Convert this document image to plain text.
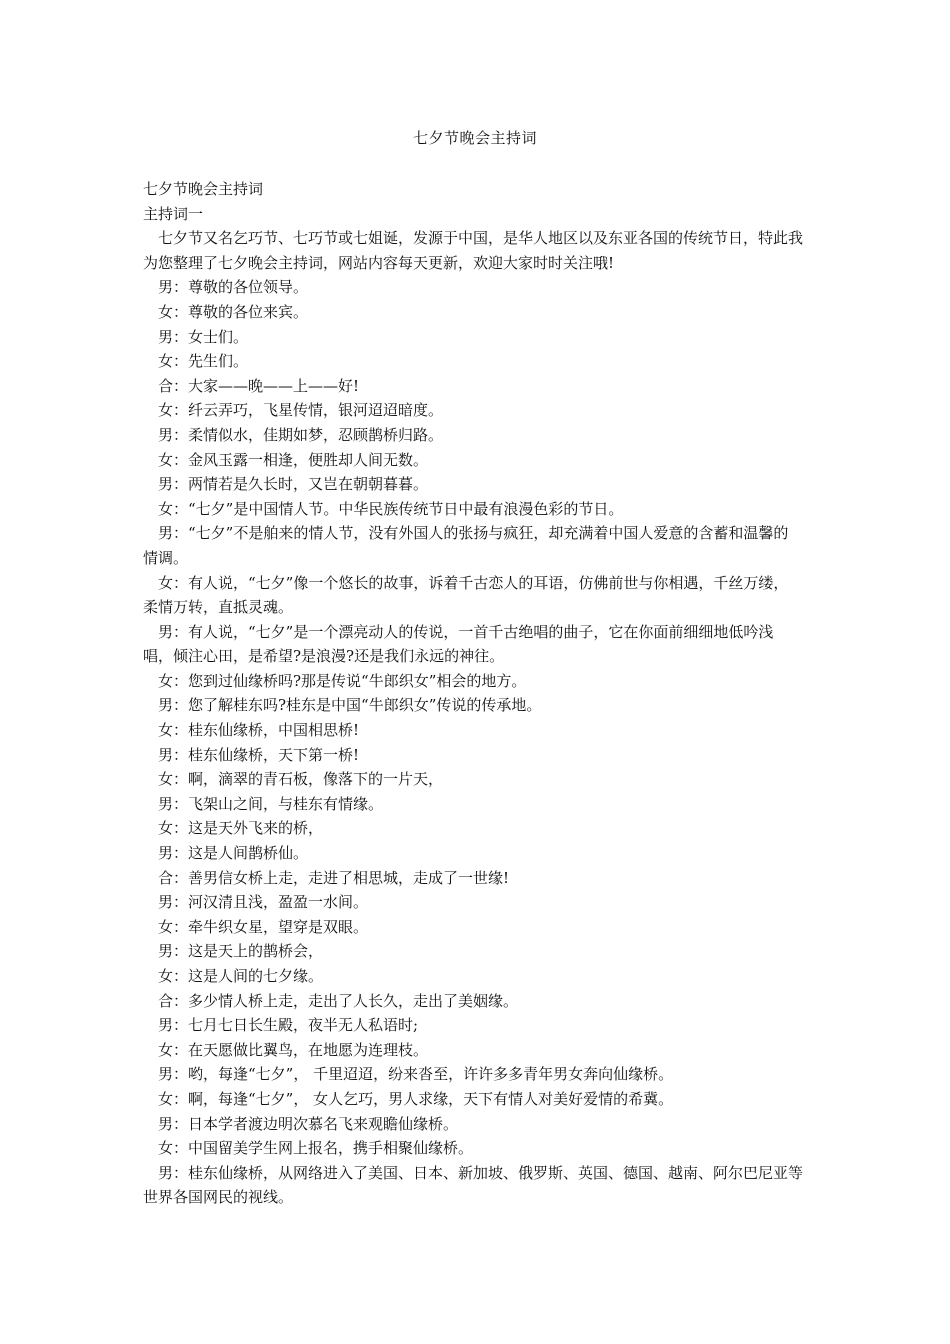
七夕节晚会主持词

七夕节晚会主持词

主持词一

七夕节又名乞巧节、七巧节或七姐诞，发源于中国，是华人地区以及东亚各国的传统节日，特此我为您整理了七夕晚会主持词，网站内容每天更新，欢迎大家时时关注哦!

男：尊敬的各位领导。

女：尊敬的各位来宾。

男：女士们。

女：先生们。

合：大家——晚——上——好!

女：纤云弄巧，飞星传情，银河迢迢暗度。

男：柔情似水，佳期如梦，忍顾鹊桥归路。

女：金风玉露一相逢，便胜却人间无数。

男：两情若是久长时，又岂在朝朝暮暮。

女：“七夕”是中国情人节。中华民族传统节日中最有浪漫色彩的节日。

男：“七夕”不是舶来的情人节，没有外国人的张扬与疯狂，却充满着中国人爱意的含蓄和温馨的情调。

女：有人说，“七夕”像一个悠长的故事，诉着千古恋人的耳语，仿佛前世与你相遇，千丝万缕，柔情万转，直抵灵魂。

男：有人说，“七夕”是一个漂亮动人的传说，一首千古绝唱的曲子，它在你面前细细地低吟浅唱，倾注心田，是希望?是浪漫?还是我们永远的神往。

女：您到过仙缘桥吗?那是传说“牛郎织女”相会的地方。

男：您了解桂东吗?桂东是中国“牛郎织女”传说的传承地。

女：桂东仙缘桥，中国相思桥!

男：桂东仙缘桥，天下第一桥!

女：啊，滴翠的青石板，像落下的一片天，

男：飞架山之间，与桂东有情缘。

女：这是天外飞来的桥，

男：这是人间鹊桥仙。

合：善男信女桥上走，走进了相思城，走成了一世缘!

男：河汉清且浅，盈盈一水间。

女：牵牛织女星，望穿是双眼。

男：这是天上的鹊桥会，

女：这是人间的七夕缘。

合：多少情人桥上走，走出了人长久，走出了美姻缘。

男：七月七日长生殿，夜半无人私语时;

女：在天愿做比翼鸟，在地愿为连理枝。

男：哟，每逢“七夕”， 千里迢迢，纷来沓至，许许多多青年男女奔向仙缘桥。

女：啊，每逢“七夕”， 女人乞巧，男人求缘，天下有情人对美好爱情的希冀。

男：日本学者渡边明次慕名飞来观瞻仙缘桥。

女：中国留美学生网上报名，携手相聚仙缘桥。

男：桂东仙缘桥，从网络进入了美国、日本、新加坡、俄罗斯、英国、德国、越南、阿尔巴尼亚等世界各国网民的视线。
